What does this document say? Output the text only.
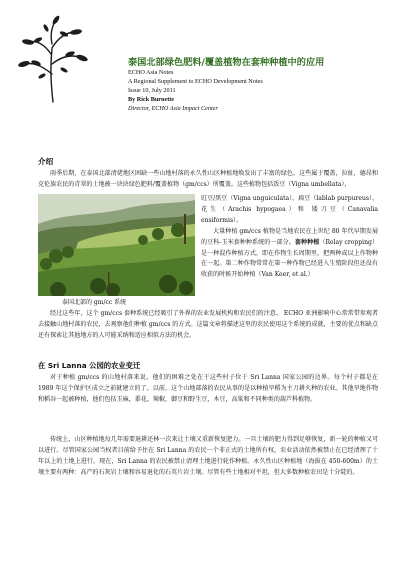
泰国北部绿色肥料/覆盖植物在套种种植中的应用
ECHO Asia Notes
A Regional Supplement to ECHO Development Notes
Issue 10, July 2011
By Rick Burnette
Director, ECHO Asia Impact Center
介绍
雨季后期，在泰国北部清佬地区困缺一些山地村落的永久性山区种植地焕发出了丰富的绿色。这些属于覆盖，拉扯，德昂和克伦族农民的青翠的土地被一块块绿色肥料/覆盖植物（gm/ccs）所覆盖。这些植物包括饭豆（Vigna umbellata），
泰国北部的 gm/cc 系统
豇豆/黑豆（Vigna unguiculata）、扁豆（lablab purpureus）、花生（Arachis hypogaea）和 矮刀豆（Canavalia ensiformis）。
大量种植 gm/ccs 植物是当地农民在上世纪 80 年代早期发展的豆科-玉米套种种系统的一部分。套种种植（Relay cropping）是一种混作种植方式，即在作物生长周期里，把两种或以上作物种在一起。第二种作物常常在第一种作物已经进入生殖阶段但还没有收获的时候开始种植（Van Keer, et al.）
经过这些年，这个 gm/ccs 套种系统已经吸引了外界的农业发展机构和农民们的注意。 ECHO 亚洲影响中心常常带参观者去接触山地村落的农民，去观察他们种植 gm/ccs 的方式。这篇文章将描述这里的农民使用这个系统的成就，主要的优点和缺点还有探索让其他地方的人可能采纳和适应相似方法的机会。
在 Sri Lanna 公园的农业变迁
对于种植 gm/ccs 的山地村落来说，他们的困难之处在于这些村子位于 Sri Lanna 国家公园的边界。每个村子都是在 1989 年这个保护区成立之前就建立的了。以前，这个山地部落的农民从事的是以种植旱稻为主刀耕火种的农业。其他旱地作物和稻谷一起被种植，他们包括玉麻，黍花，辣椒，御豆和野生豆，木豆，高粱和不同种类的葫芦科植物。
传统上，山区种植地每几年需要退耕还林一次来让土壤又重新恢复肥力。一旦土壤的肥力得到足够恢复，新一轮的种植又可以进行。尽管国家公园当权者目前给予住在 Sri Lanna 的农民一个非正式的土地所有权，农业活动依然被禁止在已经清理了十年以上的土地上进行。现在，Sri Lanna 的农民被禁止清理土地进行轮作种植。永久性山区种植地（海拔在 450-600m）的土壤主要有两种：高产的石灰岩土壤和容易退化的石英片岩土壤。尽管有些土地相对平坦，但大多数种植农田是十分陡的。
